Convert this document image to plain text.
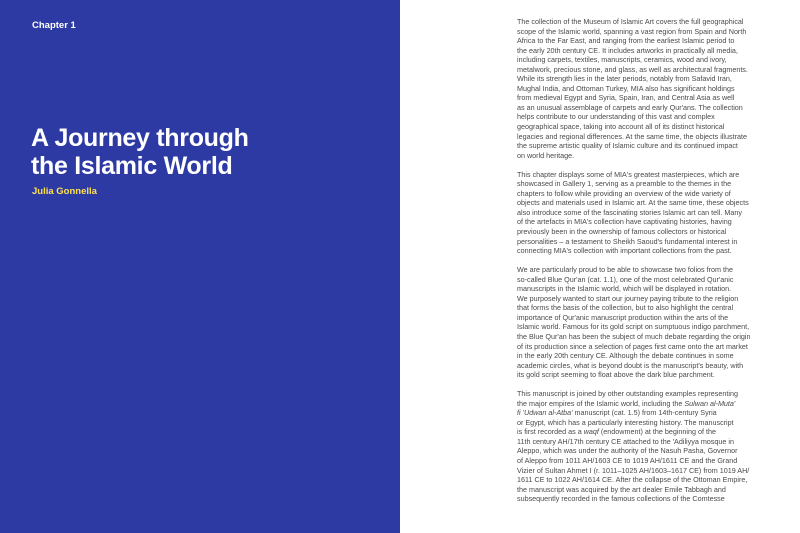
Chapter 1
A Journey through
the Islamic World
Julia Gonnella

The collection of the Museum of Islamic Art covers the full geographical
scope of the Islamic world, spanning a vast region from Spain and North
Africa to the Far East, and ranging from the earliest Islamic period to
the early 20th century CE. It includes artworks in practically all media,
including carpets, textiles, manuscripts, ceramics, wood and ivory,
metalwork, precious stone, and glass, as well as architectural fragments.
While its strength lies in the later periods, notably from Safavid Iran,
Mughal India, and Ottoman Turkey, MIA also has significant holdings
from medieval Egypt and Syria, Spain, Iran, and Central Asia as well
as an unusual assemblage of carpets and early Qur'ans. The collection
helps contribute to our understanding of this vast and complex
geographical space, taking into account all of its distinct historical
legacies and regional differences. At the same time, the objects illustrate
the supreme artistic quality of Islamic culture and its continued impact
on world heritage.

This chapter displays some of MIA's greatest masterpieces, which are
showcased in Gallery 1, serving as a preamble to the themes in the
chapters to follow while providing an overview of the wide variety of
objects and materials used in Islamic art. At the same time, these objects
also introduce some of the fascinating stories Islamic art can tell. Many
of the artefacts in MIA's collection have captivating histories, having
previously been in the ownership of famous collectors or historical
personalities – a testament to Sheikh Saoud's fundamental interest in
connecting MIA's collection with important collections from the past.

We are particularly proud to be able to showcase two folios from the
so-called Blue Qur'an (cat. 1.1), one of the most celebrated Qur'anic
manuscripts in the Islamic world, which will be displayed in rotation.
We purposely wanted to start our journey paying tribute to the religion
that forms the basis of the collection, but to also highlight the central
importance of Qur'anic manuscript production within the arts of the
Islamic world. Famous for its gold script on sumptuous indigo parchment,
the Blue Qur'an has been the subject of much debate regarding the origin
of its production since a selection of pages first came onto the art market
in the early 20th century CE. Although the debate continues in some
academic circles, what is beyond doubt is the manuscript's beauty, with
its gold script seeming to float above the dark blue parchment.

This manuscript is joined by other outstanding examples representing
the major empires of the Islamic world, including the Sulwan al-Muta'
fi 'Udwan al-Atba' manuscript (cat. 1.5) from 14th-century Syria
or Egypt, which has a particularly interesting history. The manuscript
is first recorded as a waqf (endowment) at the beginning of the
11th century AH/17th century CE attached to the 'Adiliyya mosque in
Aleppo, which was under the authority of the Nasuh Pasha, Governor
of Aleppo from 1011 AH/1603 CE to 1019 AH/1611 CE and the Grand
Vizier of Sultan Ahmet I (r. 1011–1025 AH/1603–1617 CE) from 1019 AH/
1611 CE to 1022 AH/1614 CE. After the collapse of the Ottoman Empire,
the manuscript was acquired by the art dealer Emile Tabbagh and
subsequently recorded in the famous collections of the Comtesse
